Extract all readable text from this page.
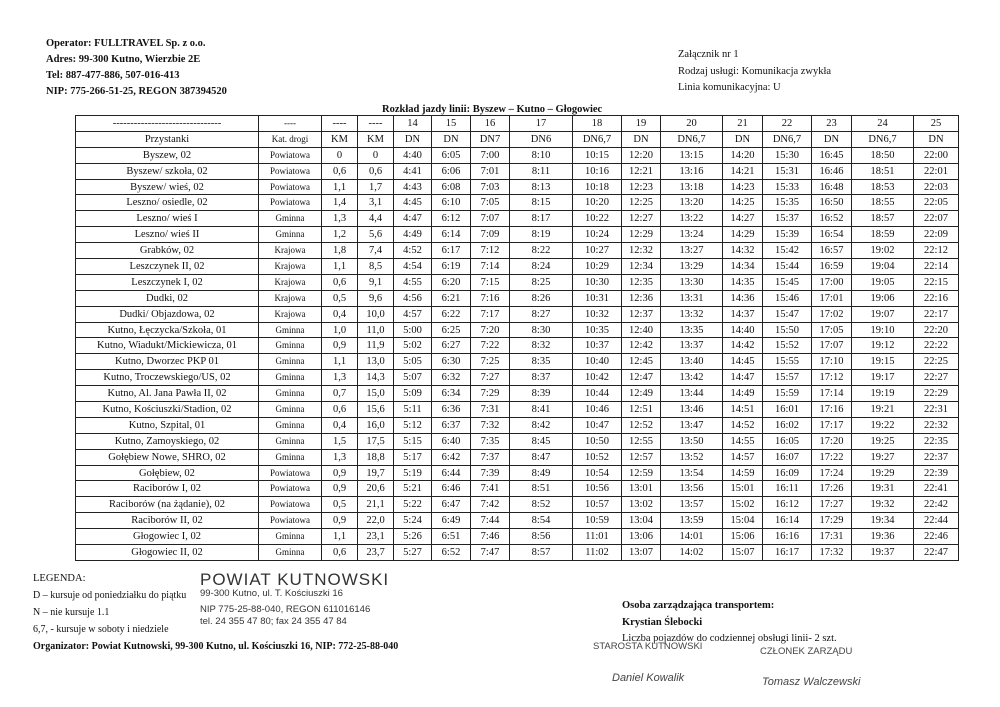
Operator: FULLTRAVEL Sp. z o.o.
Adres: 99-300 Kutno, Wierzbie 2E
Tel: 887-477-886, 507-016-413
NIP: 775-266-51-25, REGON 387394520
Załącznik nr 1
Rodzaj usługi: Komunikacja zwykła
Linia komunikacyjna: U
Rozkład jazdy linii: Byszew – Kutno – Głogowiec
-------------------------------	----	----	----	14	15	16	17	18	19	20	21	22	23	24	25
Przystanki	Kat. drogi	KM	KM	DN	DN	DN7	DN6	DN6,7	DN	DN6,7	DN	DN6,7	DN	DN6,7	DN
Byszew, 02	Powiatowa	0	0	4:40	6:05	7:00	8:10	10:15	12:20	13:15	14:20	15:30	16:45	18:50	22:00
Byszew/ szkoła, 02	Powiatowa	0,6	0,6	4:41	6:06	7:01	8:11	10:16	12:21	13:16	14:21	15:31	16:46	18:51	22:01
Byszew/ wieś, 02	Powiatowa	1,1	1,7	4:43	6:08	7:03	8:13	10:18	12:23	13:18	14:23	15:33	16:48	18:53	22:03
Leszno/ osiedle, 02	Powiatowa	1,4	3,1	4:45	6:10	7:05	8:15	10:20	12:25	13:20	14:25	15:35	16:50	18:55	22:05
Leszno/ wieś I	Gminna	1,3	4,4	4:47	6:12	7:07	8:17	10:22	12:27	13:22	14:27	15:37	16:52	18:57	22:07
Leszno/ wieś II	Gminna	1,2	5,6	4:49	6:14	7:09	8:19	10:24	12:29	13:24	14:29	15:39	16:54	18:59	22:09
Grabków, 02	Krajowa	1,8	7,4	4:52	6:17	7:12	8:22	10:27	12:32	13:27	14:32	15:42	16:57	19:02	22:12
Leszczynek II, 02	Krajowa	1,1	8,5	4:54	6:19	7:14	8:24	10:29	12:34	13:29	14:34	15:44	16:59	19:04	22:14
Leszczynek I, 02	Krajowa	0,6	9,1	4:55	6:20	7:15	8:25	10:30	12:35	13:30	14:35	15:45	17:00	19:05	22:15
Dudki, 02	Krajowa	0,5	9,6	4:56	6:21	7:16	8:26	10:31	12:36	13:31	14:36	15:46	17:01	19:06	22:16
Dudki/ Objazdowa, 02	Krajowa	0,4	10,0	4:57	6:22	7:17	8:27	10:32	12:37	13:32	14:37	15:47	17:02	19:07	22:17
Kutno, Łęczycka/Szkoła, 01	Gminna	1,0	11,0	5:00	6:25	7:20	8:30	10:35	12:40	13:35	14:40	15:50	17:05	19:10	22:20
Kutno, Wiadukt/Mickiewicza, 01	Gminna	0,9	11,9	5:02	6:27	7:22	8:32	10:37	12:42	13:37	14:42	15:52	17:07	19:12	22:22
Kutno, Dworzec PKP 01	Gminna	1,1	13,0	5:05	6:30	7:25	8:35	10:40	12:45	13:40	14:45	15:55	17:10	19:15	22:25
Kutno, Troczewskiego/US, 02	Gminna	1,3	14,3	5:07	6:32	7:27	8:37	10:42	12:47	13:42	14:47	15:57	17:12	19:17	22:27
Kutno, Al. Jana Pawła II, 02	Gminna	0,7	15,0	5:09	6:34	7:29	8:39	10:44	12:49	13:44	14:49	15:59	17:14	19:19	22:29
Kutno, Kościuszki/Stadion, 02	Gminna	0,6	15,6	5:11	6:36	7:31	8:41	10:46	12:51	13:46	14:51	16:01	17:16	19:21	22:31
Kutno, Szpital, 01	Gminna	0,4	16,0	5:12	6:37	7:32	8:42	10:47	12:52	13:47	14:52	16:02	17:17	19:22	22:32
Kutno, Zamoyskiego, 02	Gminna	1,5	17,5	5:15	6:40	7:35	8:45	10:50	12:55	13:50	14:55	16:05	17:20	19:25	22:35
Gołębiew Nowe, SHRO, 02	Gminna	1,3	18,8	5:17	6:42	7:37	8:47	10:52	12:57	13:52	14:57	16:07	17:22	19:27	22:37
Gołębiew, 02	Powiatowa	0,9	19,7	5:19	6:44	7:39	8:49	10:54	12:59	13:54	14:59	16:09	17:24	19:29	22:39
Raciborów I, 02	Powiatowa	0,9	20,6	5:21	6:46	7:41	8:51	10:56	13:01	13:56	15:01	16:11	17:26	19:31	22:41
Raciborów (na żądanie), 02	Powiatowa	0,5	21,1	5:22	6:47	7:42	8:52	10:57	13:02	13:57	15:02	16:12	17:27	19:32	22:42
Raciborów II, 02	Powiatowa	0,9	22,0	5:24	6:49	7:44	8:54	10:59	13:04	13:59	15:04	16:14	17:29	19:34	22:44
Głogowiec I, 02	Gminna	1,1	23,1	5:26	6:51	7:46	8:56	11:01	13:06	14:01	15:06	16:16	17:31	19:36	22:46
Głogowiec II, 02	Gminna	0,6	23,7	5:27	6:52	7:47	8:57	11:02	13:07	14:02	15:07	16:17	17:32	19:37	22:47
LEGENDA:
D – kursuje od poniedziałku do piątku
N – nie kursuje 1.1
6,7, - kursuje w soboty i niedziele
Organizator: Powiat Kutnowski, 99-300 Kutno, ul. Kościuszki 16, NIP: 772-25-88-040
POWIAT KUTNOWSKI
99-300 Kutno, ul. T. Kościuszki 16
NIP 775-25-88-040, REGON 611016146
tel. 24 355 47 80; fax 24 355 47 84
Osoba zarządzająca transportem:
Krystian Ślebocki
Liczba pojazdów do codziennej obsługi linii- 2 szt.
STAROSTA KUTNOWSKI
Daniel Kowalik
CZŁONEK ZARZĄDU
Tomasz Walczewski
